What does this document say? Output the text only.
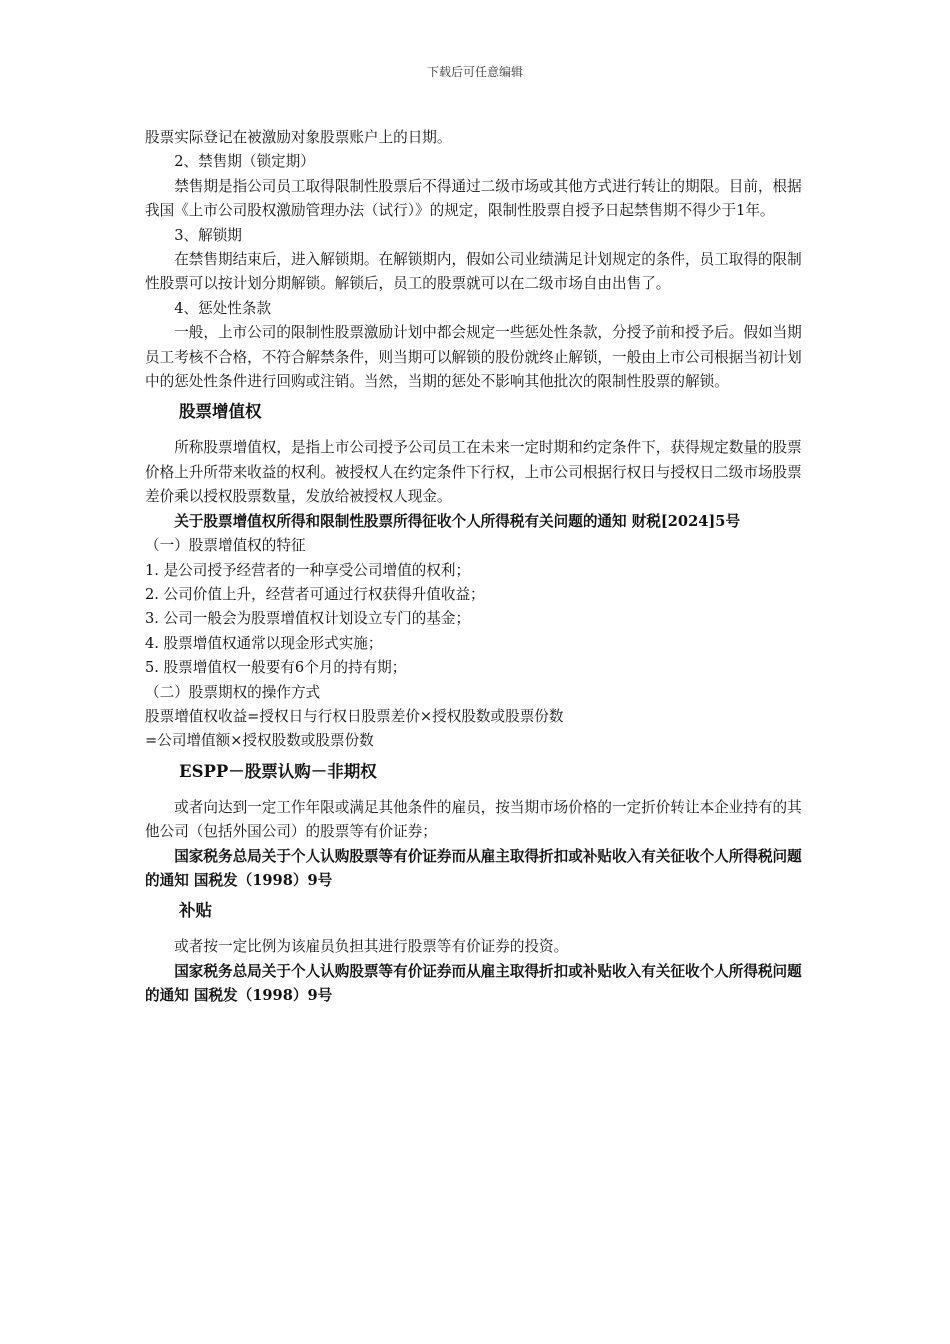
下载后可任意编辑

股票实际登记在被激励对象股票账户上的日期。

2、禁售期（锁定期）

禁售期是指公司员工取得限制性股票后不得通过二级市场或其他方式进行转让的期限。目前，根据我国《上市公司股权激励管理办法（试行）》的规定，限制性股票自授予日起禁售期不得少于1年。

3、解锁期

在禁售期结束后，进入解锁期。在解锁期内，假如公司业绩满足计划规定的条件，员工取得的限制性股票可以按计划分期解锁。解锁后，员工的股票就可以在二级市场自由出售了。

4、惩处性条款

一般，上市公司的限制性股票激励计划中都会规定一些惩处性条款，分授予前和授予后。假如当期员工考核不合格，不符合解禁条件，则当期可以解锁的股份就终止解锁，一般由上市公司根据当初计划中的惩处性条件进行回购或注销。当然，当期的惩处不影响其他批次的限制性股票的解锁。

股票增值权

所称股票增值权，是指上市公司授予公司员工在未来一定时期和约定条件下，获得规定数量的股票价格上升所带来收益的权利。被授权人在约定条件下行权，上市公司根据行权日与授权日二级市场股票差价乘以授权股票数量，发放给被授权人现金。

关于股票增值权所得和限制性股票所得征收个人所得税有关问题的通知 财税[2024]5号

（一）股票增值权的特征

1. 是公司授予经营者的一种享受公司增值的权利；

2. 公司价值上升，经营者可通过行权获得升值收益；

3. 公司一般会为股票增值权计划设立专门的基金；

4. 股票增值权通常以现金形式实施；

5. 股票增值权一般要有6个月的持有期；

（二）股票期权的操作方式

股票增值权收益=授权日与行权日股票差价×授权股数或股票份数

=公司增值额×授权股数或股票份数

ESPP－股票认购－非期权

或者向达到一定工作年限或满足其他条件的雇员，按当期市场价格的一定折价转让本企业持有的其他公司（包括外国公司）的股票等有价证券；

国家税务总局关于个人认购股票等有价证券而从雇主取得折扣或补贴收入有关征收个人所得税问题的通知 国税发（1998）9号

补贴

或者按一定比例为该雇员负担其进行股票等有价证券的投资。

国家税务总局关于个人认购股票等有价证券而从雇主取得折扣或补贴收入有关征收个人所得税问题的通知 国税发（1998）9号
